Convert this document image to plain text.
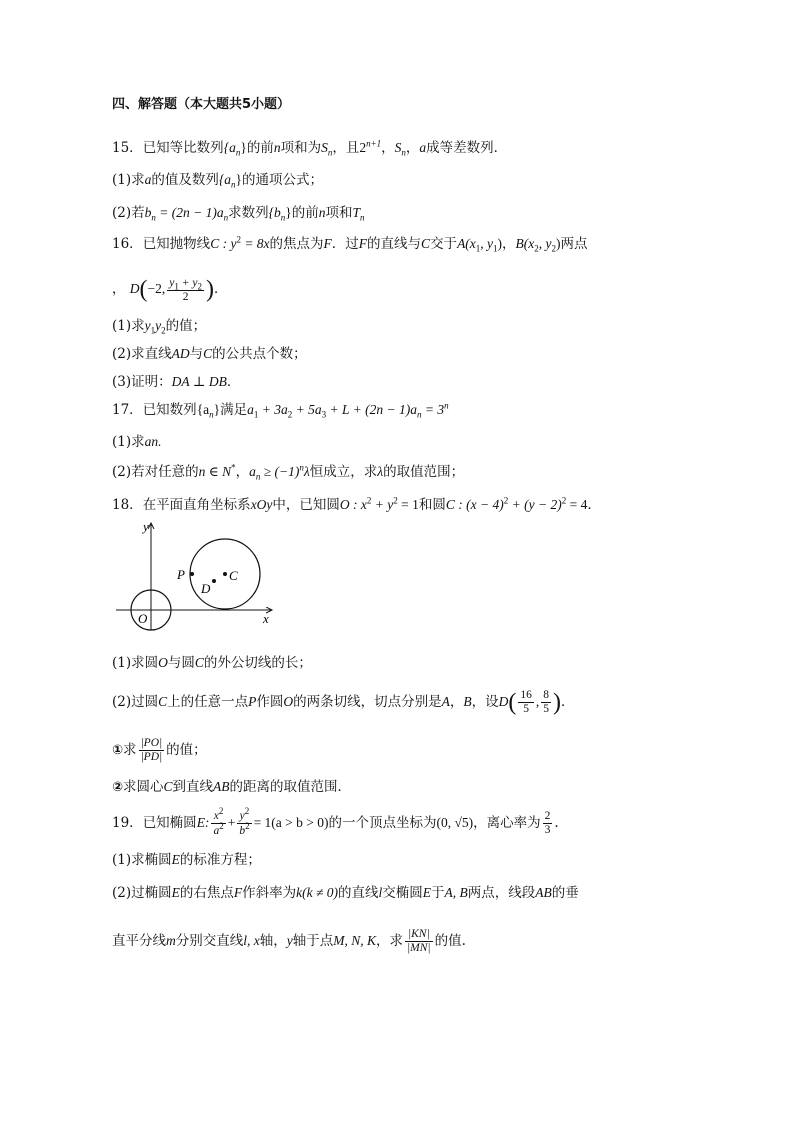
四、解答题（本大题共5小题）
15．已知等比数列$\{a_n\}$的前n项和为$S_n$，且$2^{n+1}$，$S_n$，a成等差数列．
(1)求a的值及数列$\{a_n\}$的通项公式；
(2)若$b_n = (2n - 1)a_n$求数列$\{b_n\}$的前n项和$T_n$
16．已知抛物线C : $y^2 = 8x$的焦点为F．过F的直线与C交于$A(x_1$, $y_1$)，$B(x_2$, $y_2$)两点
， D(−2, $\frac{y_1 + y_2}{2}$ )．
(1)求$y_1y_2$的值；
(2)求直线AD与C的公共点个数；
(3)证明：DA ⊥ DB．
17．已知数列$\{a_n\}$满足$a_1 + 3a_2 + 5a_3 + L + (2n - 1)a_n = 3^n$
(1)求an.
(2)若对任意的n ∈ N*，$a_n \ge (-1)^n\lambda$恒成立，求λ的取值范围；
18．在平面直角坐标系xOy中，已知圆O : $x^2 + y^2 = 1$和圆C : $(x - 4)^2 + (y - 2)^2 = 4$．
y
x
O
P
D
C
(1)求圆O与圆C的外公切线的长；
(2)过圆C上的任意一点P作圆O的两条切线，切点分别是A，B，设$D( \frac{16}{5}$ , $\frac{8}{5}$ )．
①求 $\frac{|PO|}{|PD|}$ 的值；
②求圆心C到直线AB的距离的取值范围．
19．已知椭圆E: $\frac{x^2}{a^2} + \frac{y^2}{b^2} = 1(a > b > 0)$的一个顶点坐标为(0, √5)，离心率为 $\frac{2}{3}$ .
(1)求椭圆E的标准方程；
(2)过椭圆E的右焦点F作斜率为k(k ≠ 0)的直线l交椭圆E于A, B两点，线段AB的垂
直平分线m分别交直线l, x轴，y轴于点M, N, K，求 $\frac{|KN|}{|MN|}$ 的值.
